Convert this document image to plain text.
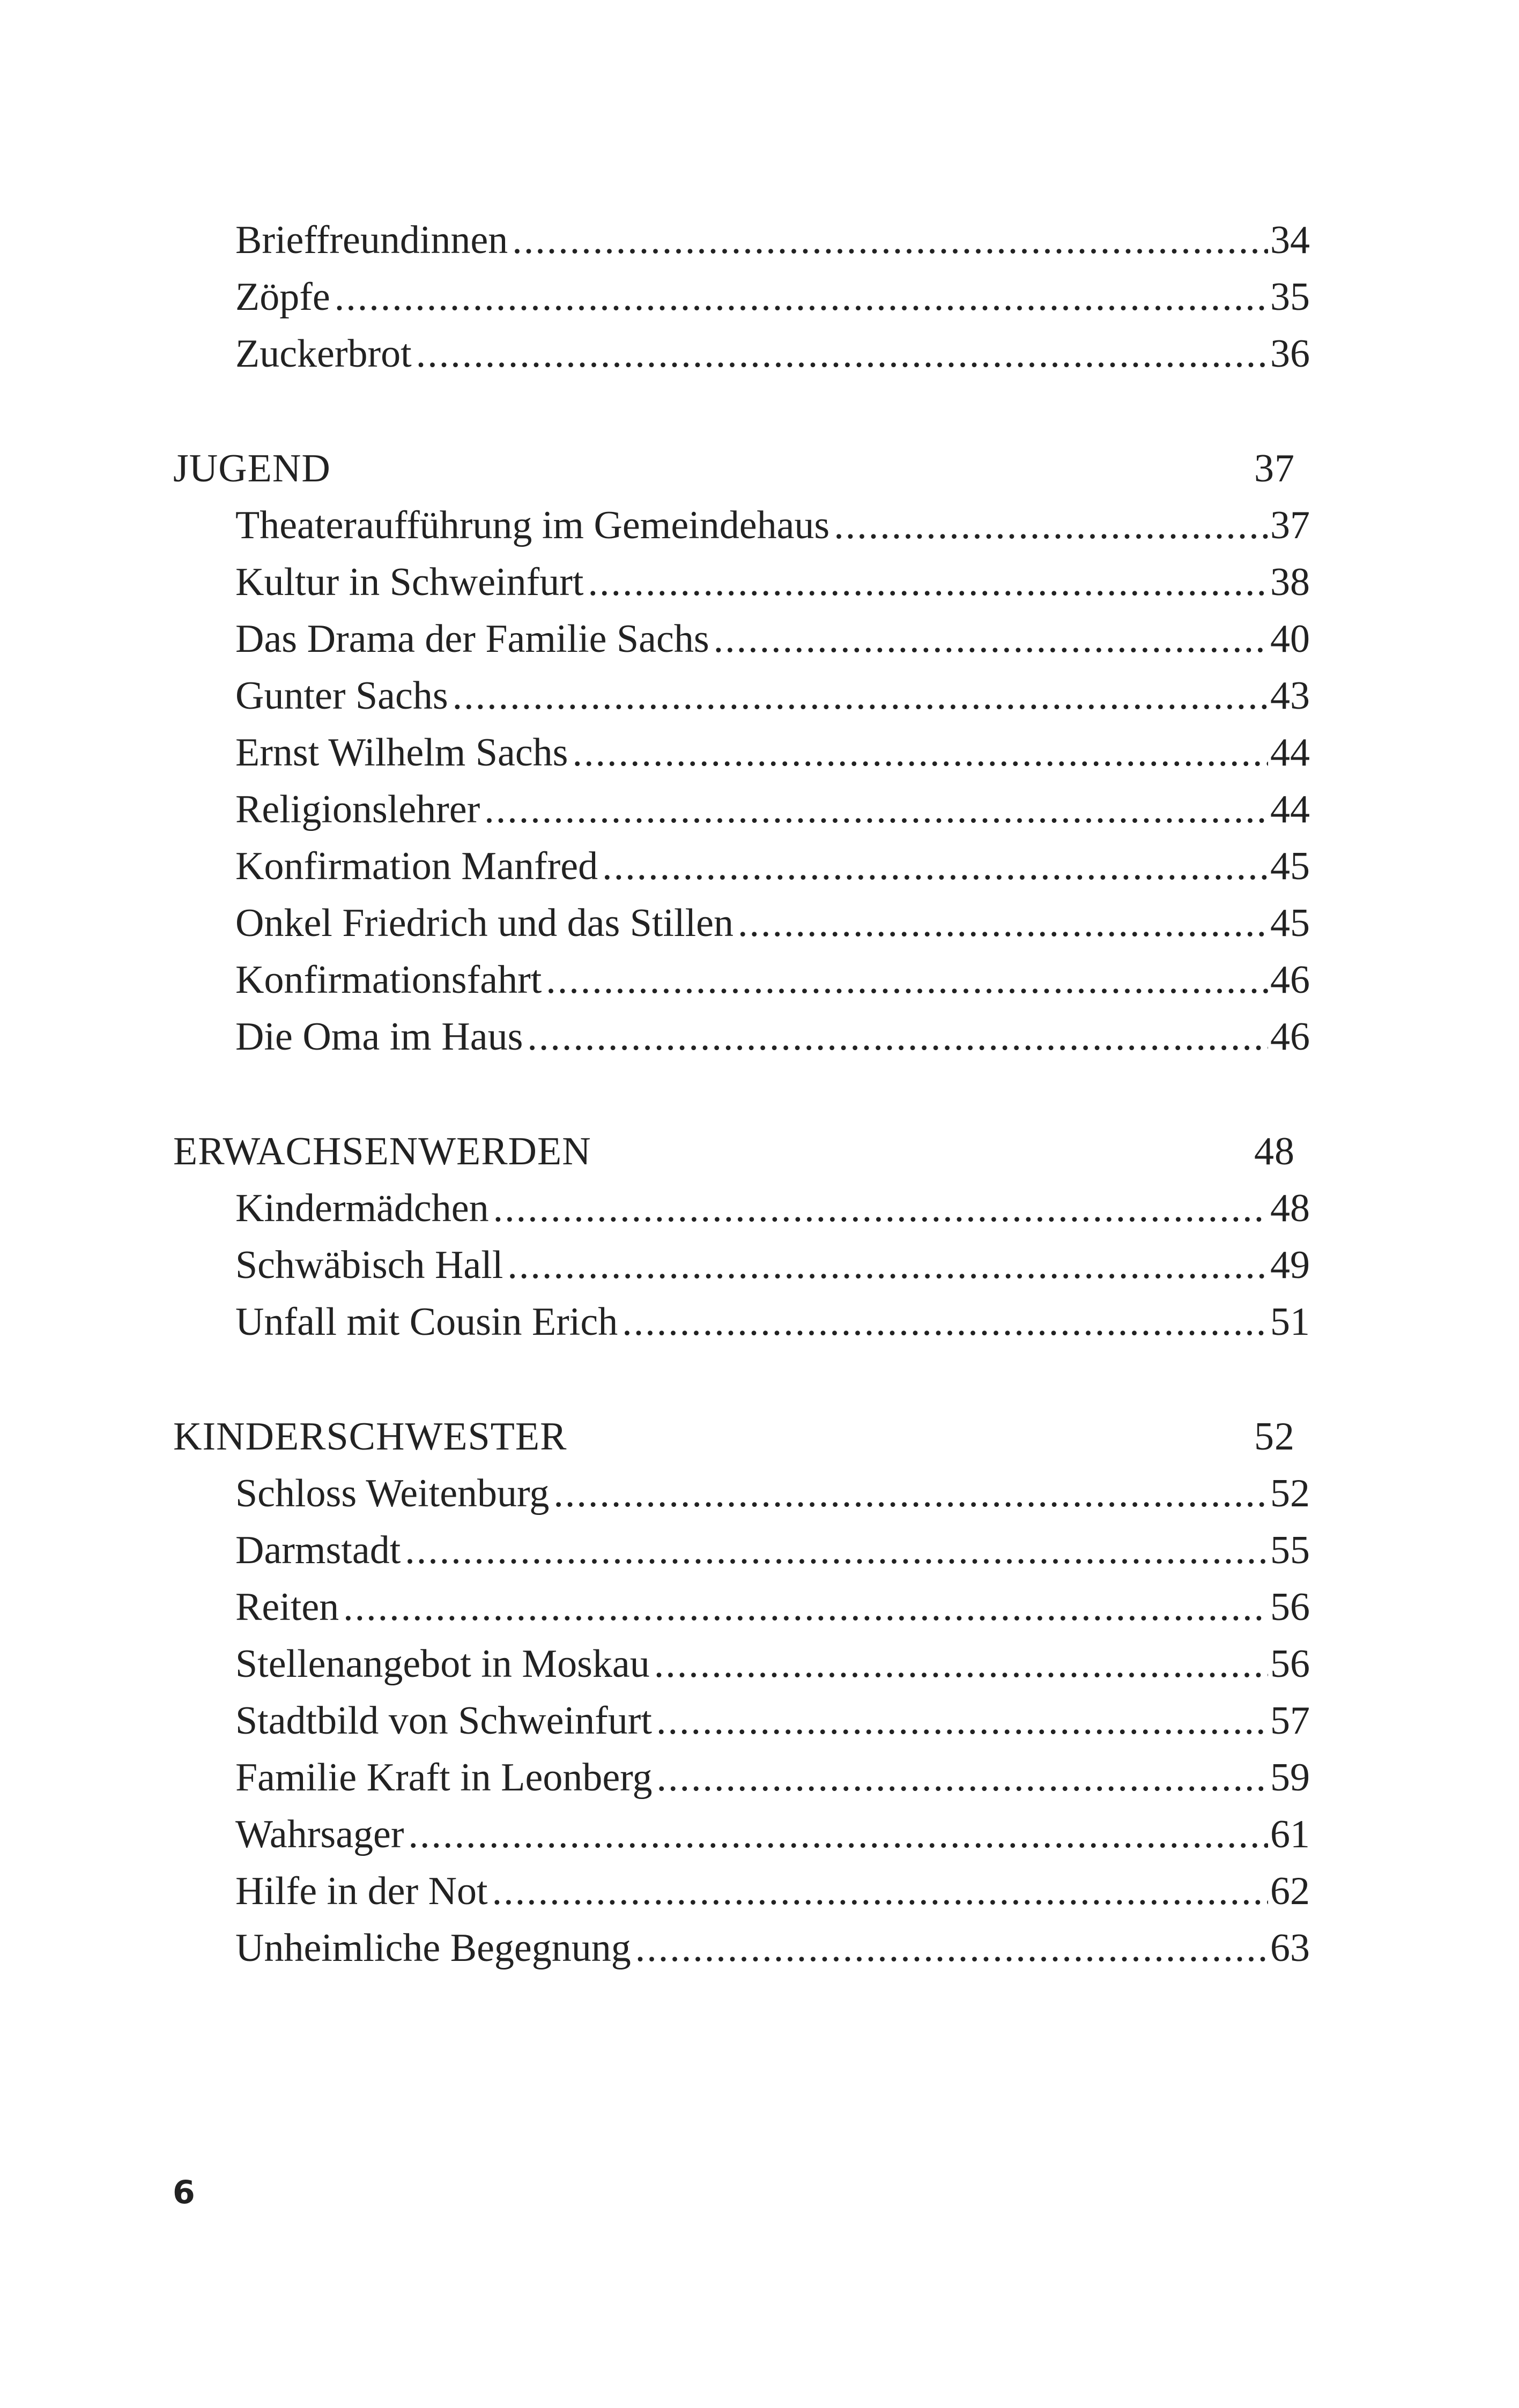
Brieffreundinnen .....	34
Zöpfe .....	35
Zuckerbrot .....	36
JUGEND	37
Theateraufführung im Gemeindehaus .....	37
Kultur in Schweinfurt .....	38
Das Drama der Familie Sachs .....	40
Gunter Sachs .....	43
Ernst Wilhelm Sachs .....	44
Religionslehrer .....	44
Konfirmation Manfred .....	45
Onkel Friedrich und das Stillen .....	45
Konfirmationsfahrt .....	46
Die Oma im Haus .....	46
ERWACHSENWERDEN	48
Kindermädchen .....	48
Schwäbisch Hall .....	49
Unfall mit Cousin Erich .....	51
KINDERSCHWESTER	52
Schloss Weitenburg .....	52
Darmstadt .....	55
Reiten .....	56
Stellenangebot in Moskau .....	56
Stadtbild von Schweinfurt .....	57
Familie Kraft in Leonberg .....	59
Wahrsager .....	61
Hilfe in der Not .....	62
Unheimliche Begegnung .....	63
6
